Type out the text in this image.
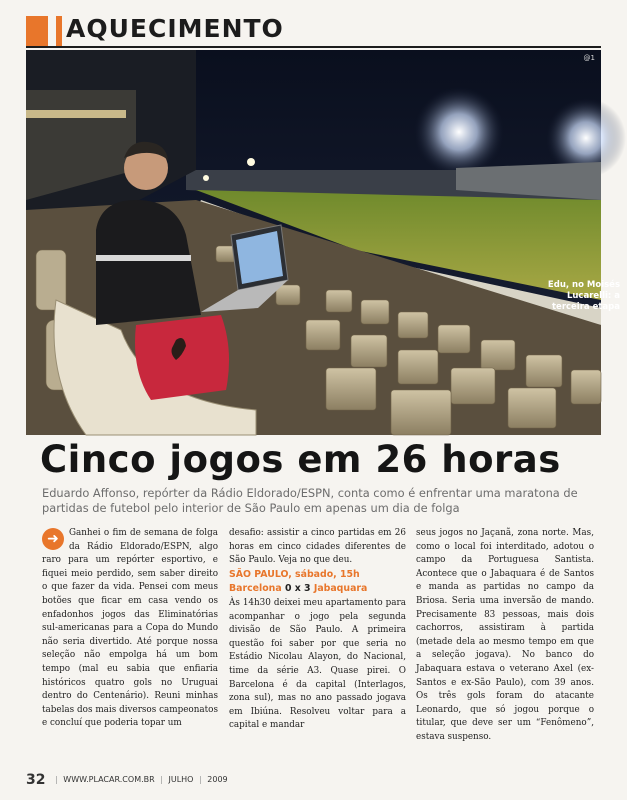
AQUECIMENTO
@1
Edu, no Moisés Lucarelli: a terceira etapa
Cinco jogos em 26 horas
Eduardo Affonso, repórter da Rádio Eldorado/ESPN, conta como é enfrentar uma maratona de partidas de futebol pelo interior de São Paulo em apenas um dia de folga
➜	Ganhei o fim de semana de folga da Rádio Eldorado/ESPN, algo raro para um repórter esportivo, e fiquei meio perdido, sem saber direito o que fazer da vida. Pensei com meus botões que ficar em casa vendo os enfadonhos jogos das Eliminatórias sul-americanas para a Copa do Mundo não seria divertido. Até porque nossa seleção não empolga há um bom tempo (mal eu sabia que enfiaria históricos quatro gols no Uruguai dentro do Centenário). Reuni minhas tabelas dos mais diversos campeonatos e concluí que poderia topar um
desafio: assistir a cinco partidas em 26 horas em cinco cidades diferentes de São Paulo. Veja no que deu.
SÃO PAULO, sábado, 15h
Barcelona 0 x 3 Jabaquara
Às 14h30 deixei meu apartamento para acompanhar o jogo pela segunda divisão de São Paulo. A primeira questão foi saber por que seria no Estádio Nicolau Alayon, do Nacional, time da série A3. Quase pirei. O Barcelona é da capital (Interlagos, zona sul), mas no ano passado jogava em Ibiúna. Resolveu voltar para a capital e mandar
seus jogos no Jaçanã, zona norte. Mas, como o local foi interditado, adotou o campo da Portuguesa Santista. Acontece que o Jabaquara é de Santos e manda as partidas no campo da Briosa. Seria uma inversão de mando. Precisamente 83 pessoas, mais dois cachorros, assistiram à partida (metade dela ao mesmo tempo em que a seleção jogava). No banco do Jabaquara estava o veterano Axel (ex-Santos e ex-São Paulo), com 39 anos. Os três gols foram do atacante Leonardo, que só jogou porque o titular, que deve ser um “Fenômeno”, estava suspenso.
32 | WWW.PLACAR.COM.BR | JULHO | 2009
